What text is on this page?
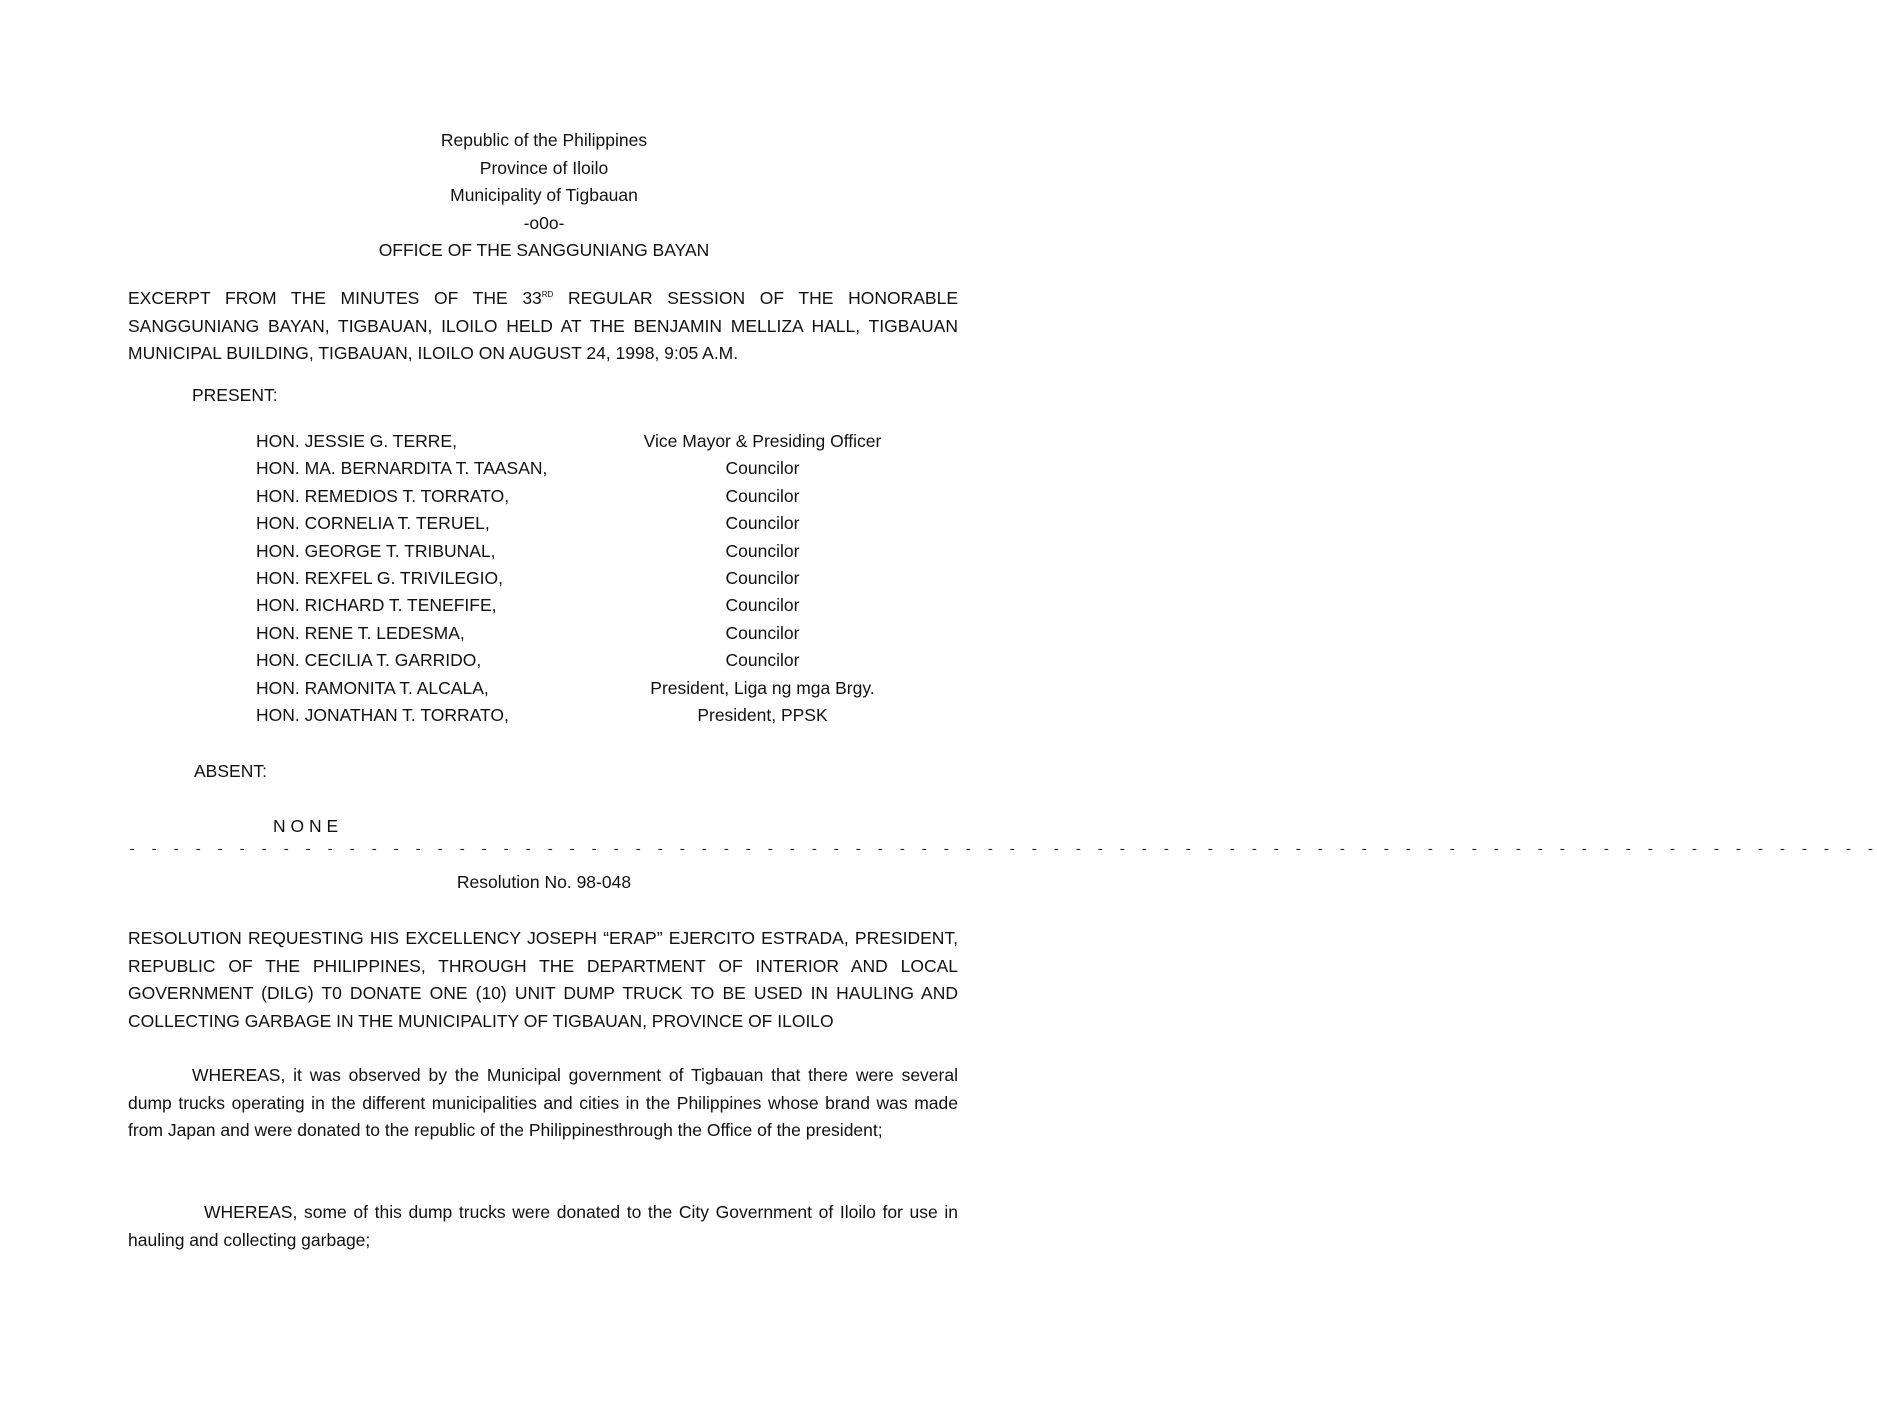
Republic of the Philippines
Province of Iloilo
Municipality of Tigbauan
-o0o-
OFFICE OF THE SANGGUNIANG BAYAN

EXCERPT FROM THE MINUTES OF THE 33RD REGULAR SESSION OF THE HONORABLE SANGGUNIANG BAYAN, TIGBAUAN, ILOILO HELD AT THE BENJAMIN MELLIZA HALL, TIGBAUAN MUNICIPAL BUILDING, TIGBAUAN, ILOILO ON AUGUST 24, 1998, 9:05 A.M.

PRESENT:
HON. JESSIE G. TERRE,	Vice Mayor & Presiding Officer
HON. MA. BERNARDITA T. TAASAN,	Councilor
HON. REMEDIOS T. TORRATO,	Councilor
HON. CORNELIA T. TERUEL,	Councilor
HON. GEORGE T. TRIBUNAL,	Councilor
HON. REXFEL G. TRIVILEGIO,	Councilor
HON. RICHARD T. TENEFIFE,	Councilor
HON. RENE T. LEDESMA,	Councilor
HON. CECILIA T. GARRIDO,	Councilor
HON. RAMONITA T. ALCALA,	President, Liga ng mga Brgy.
HON. JONATHAN T. TORRATO,	President, PPSK
ABSENT:
N O N E
- - - - - - - - - - - - - - - - - - - - - - - - - - - - - - - - - - - - - - - - - - - - - - - - - - - - - - - - - - - - - - - - - - - - - - - - - - - - - - - -
Resolution No. 98-048

RESOLUTION REQUESTING HIS EXCELLENCY JOSEPH “ERAP” EJERCITO ESTRADA, PRESIDENT, REPUBLIC OF THE PHILIPPINES, THROUGH THE DEPARTMENT OF INTERIOR AND LOCAL GOVERNMENT (DILG) T0 DONATE ONE (10) UNIT DUMP TRUCK TO BE USED IN HAULING AND COLLECTING GARBAGE IN THE MUNICIPALITY OF TIGBAUAN, PROVINCE OF ILOILO

WHEREAS, it was observed by the Municipal government of Tigbauan that there were several dump trucks operating in the different municipalities and cities in the Philippines whose brand was made from Japan and were donated to the republic of the Philippinesthrough the Office of the president;

WHEREAS, some of this dump trucks were donated to the City Government of Iloilo for use in hauling and collecting garbage;
